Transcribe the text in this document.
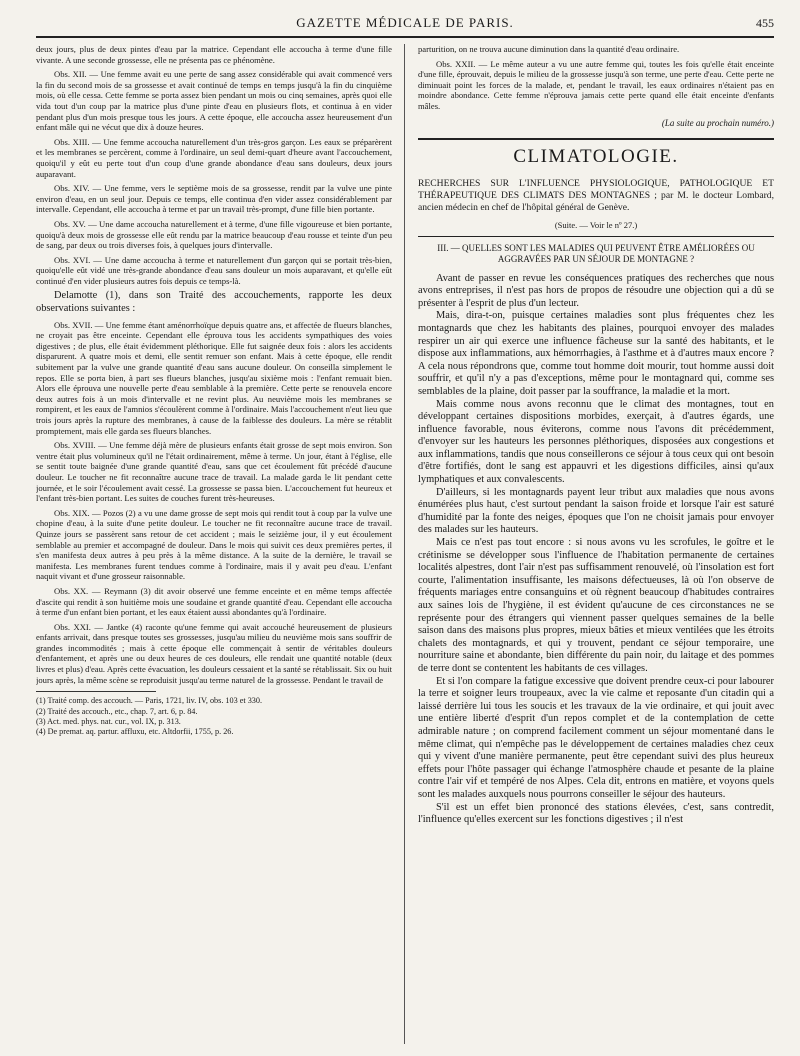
GAZETTE MÉDICALE DE PARIS.	455

deux jours, plus de deux pintes d'eau par la matrice. Cependant elle accoucha à terme d'une fille vivante. A une seconde grossesse, elle ne présenta pas ce phénomène.

Obs. XII. — Une femme avait eu une perte de sang assez considérable qui avait commencé vers la fin du second mois de sa grossesse et avait continué de temps en temps jusqu'à la fin du cinquième mois, où elle cessa. Cette femme se porta assez bien pendant un mois ou cinq semaines, après quoi elle vida tout d'un coup par la matrice plus d'une pinte d'eau en plusieurs flots, et continua à en vider pendant plus d'un mois presque tous les jours. A cette époque, elle accoucha assez heureusement d'un enfant mâle qui ne vécut que dix à douze heures.

Obs. XIII. — Une femme accoucha naturellement d'un très-gros garçon. Les eaux se préparèrent et les membranes se percèrent, comme à l'ordinaire, un seul demi-quart d'heure avant l'accouchement, quoiqu'il y eût eu perte tout d'un coup d'une grande abondance d'eau sans douleurs, deux jours auparavant.

Obs. XIV. — Une femme, vers le septième mois de sa grossesse, rendit par la vulve une pinte environ d'eau, en un seul jour. Depuis ce temps, elle continua d'en vider assez considérablement par intervalle. Cependant, elle accoucha à terme et par un travail très-prompt, d'une fille bien portante.

Obs. XV. — Une dame accoucha naturellement et à terme, d'une fille vigoureuse et bien portante, quoiqu'à deux mois de grossesse elle eût rendu par la matrice beaucoup d'eau rousse et teinte d'un peu de sang, par deux ou trois diverses fois, à quelques jours d'intervalle.

Obs. XVI. — Une dame accoucha à terme et naturellement d'un garçon qui se portait très-bien, quoiqu'elle eût vidé une très-grande abondance d'eau sans douleur un mois auparavant, et qu'elle eût continué d'en vider plusieurs autres fois depuis ce temps-là.

Delamotte (1), dans son Traité des accouchements, rapporte les deux observations suivantes :

Obs. XVII. — Une femme étant aménorrhoïque depuis quatre ans, et affectée de flueurs blanches, ne croyait pas être enceinte. Cependant elle éprouva tous les accidents sympathiques des voies digestives ; de plus, elle était évidemment pléthorique. Elle fut saignée deux fois : alors les accidents disparurent. A quatre mois et demi, elle sentit remuer son enfant. Mais à cette époque, elle rendit subitement par la vulve une grande quantité d'eau sans aucune douleur. On conseilla simplement le repos. Elle se porta bien, à part ses flueurs blanches, jusqu'au sixième mois : l'enfant remuait bien. Alors elle éprouva une nouvelle perte d'eau semblable à la première. Cette perte se renouvela encore deux autres fois à un mois d'intervalle et ne revint plus. Au neuvième mois les membranes se rompirent, et les eaux de l'amnios s'écoulèrent comme à l'ordinaire. Mais l'accouchement n'eut lieu que trois jours après la rupture des membranes, à cause de la faiblesse des douleurs. La mère se rétablit promptement, mais elle garda ses flueurs blanches.

Obs. XVIII. — Une femme déjà mère de plusieurs enfants était grosse de sept mois environ. Son ventre était plus volumineux qu'il ne l'était ordinairement, même à terme. Un jour, étant à l'église, elle se sentit toute baignée d'une grande quantité d'eau, sans que cet écoulement fût précédé d'aucune douleur. Le toucher ne fit reconnaître aucune trace de travail. La malade garda le lit pendant cette journée, et le soir l'écoulement avait cessé. La grossesse se passa bien. L'accouchement fut heureux et l'enfant très-bien portant. Les suites de couches furent très-heureuses.

Obs. XIX. — Pozos (2) a vu une dame grosse de sept mois qui rendit tout à coup par la vulve une chopine d'eau, à la suite d'une petite douleur. Le toucher ne fit reconnaître aucune trace de travail. Quinze jours se passèrent sans retour de cet accident ; mais le seizième jour, il y eut écoulement semblable au premier et accompagné de douleur. Dans le mois qui suivit ces deux premières pertes, il s'en manifesta deux autres à peu près à la même distance. A la suite de la dernière, le travail se manifesta. Les membranes furent tendues comme à l'ordinaire, mais il y avait peu d'eau. L'enfant naquit vivant et d'une grosseur raisonnable.

Obs. XX. — Reymann (3) dit avoir observé une femme enceinte et en même temps affectée d'ascite qui rendit à son huitième mois une soudaine et grande quantité d'eau. Cependant elle accoucha à terme d'un enfant bien portant, et les eaux étaient aussi abondantes qu'à l'ordinaire.

Obs. XXI. — Jantke (4) raconte qu'une femme qui avait accouché heureusement de plusieurs enfants arrivait, dans presque toutes ses grossesses, jusqu'au milieu du neuvième mois sans souffrir de grandes incommodités ; mais à cette époque elle commençait à sentir de véritables douleurs d'enfantement, et après une ou deux heures de ces douleurs, elle rendait une quantité notable (deux livres et plus) d'eau. Après cette évacuation, les douleurs cessaient et la santé se rétablissait. Six ou huit jours après, la même scène se reproduisit jusqu'au terme naturel de la grossesse. Pendant le travail de

(1) Traité comp. des accouch. — Paris, 1721, liv. IV, obs. 103 et 330.

(2) Traité des accouch., etc., chap. 7, art. 6, p. 84.

(3) Act. med. phys. nat. cur., vol. IX, p. 313.

(4) De premat. aq. partur. affluxu, etc. Altdorfii, 1755, p. 26.

parturition, on ne trouva aucune diminution dans la quantité d'eau ordinaire.

Obs. XXII. — Le même auteur a vu une autre femme qui, toutes les fois qu'elle était enceinte d'une fille, éprouvait, depuis le milieu de la grossesse jusqu'à son terme, une perte d'eau. Cette perte ne diminuait point les forces de la malade, et, pendant le travail, les eaux ordinaires n'étaient pas en moindre abondance. Cette femme n'éprouva jamais cette perte quand elle était enceinte d'enfants mâles.

(La suite au prochain numéro.)

CLIMATOLOGIE.

RECHERCHES SUR L'INFLUENCE PHYSIOLOGIQUE, PATHOLOGIQUE ET THÉRAPEUTIQUE DES CLIMATS DES MONTAGNES ; par M. le docteur Lombard, ancien médecin en chef de l'hôpital général de Genève.

(Suite. — Voir le nº 27.)
III. — QUELLES SONT LES MALADIES QUI PEUVENT ÊTRE AMÉLIORÉES OU AGGRAVÉES PAR UN SÉJOUR DE MONTAGNE ?

Avant de passer en revue les conséquences pratiques des recherches que nous avons entreprises, il n'est pas hors de propos de résoudre une objection qui a dû se présenter à l'esprit de plus d'un lecteur.

Mais, dira-t-on, puisque certaines maladies sont plus fréquentes chez les montagnards que chez les habitants des plaines, pourquoi envoyer des malades respirer un air qui exerce une influence fâcheuse sur la santé des habitants, et le dispose aux inflammations, aux hémorrhagies, à l'asthme et à d'autres maux encore ? A cela nous répondrons que, comme tout homme doit mourir, tout homme aussi doit souffrir, et qu'il n'y a pas d'exceptions, même pour le montagnard qui, comme ses semblables de la plaine, doit passer par la souffrance, la maladie et la mort.

Mais comme nous avons reconnu que le climat des montagnes, tout en développant certaines dispositions morbides, exerçait, à d'autres égards, une influence favorable, nous éviterons, comme nous l'avons dit précédemment, d'envoyer sur les hauteurs les personnes pléthoriques, disposées aux congestions et aux inflammations, tandis que nous conseillerons ce séjour à tous ceux qui ont besoin d'être fortifiés, dont le sang est appauvri et les digestions difficiles, ainsi qu'aux lymphatiques et aux convalescents.

D'ailleurs, si les montagnards payent leur tribut aux maladies que nous avons énumérées plus haut, c'est surtout pendant la saison froide et lorsque l'air est saturé d'humidité par la fonte des neiges, époques que l'on ne choisit jamais pour envoyer des malades sur les hauteurs.

Mais ce n'est pas tout encore : si nous avons vu les scrofules, le goître et le crétinisme se développer sous l'influence de l'habitation permanente de certaines localités alpestres, dont l'air n'est pas suffisamment renouvelé, où l'insolation est fort courte, l'alimentation insuffisante, les maisons défectueuses, là où l'on observe de fréquents mariages entre consanguins et où règnent beaucoup d'habitudes contraires aux saines lois de l'hygiène, il est évident qu'aucune de ces circonstances ne se représente pour des étrangers qui viennent passer quelques semaines de la belle saison dans des maisons plus propres, mieux bâties et mieux ventilées que les étroits chalets des montagnards, et qui y trouvent, pendant ce séjour temporaire, une nourriture saine et abondante, bien différente du pain noir, du laitage et des pommes de terre dont se contentent les habitants de ces villages.

Et si l'on compare la fatigue excessive que doivent prendre ceux-ci pour labourer la terre et soigner leurs troupeaux, avec la vie calme et reposante d'un citadin qui a laissé derrière lui tous les soucis et les travaux de la vie ordinaire, et qui jouit avec une entière liberté d'esprit d'un repos complet et de la contemplation de cette admirable nature ; on comprend facilement comment un séjour momentané dans le même climat, qui n'empêche pas le développement de certaines maladies chez ceux qui y vivent d'une manière permanente, peut être cependant suivi des plus heureux effets pour l'hôte passager qui échange l'atmosphère chaude et pesante de la plaine contre l'air vif et tempéré de nos Alpes. Cela dit, entrons en matière, et voyons quels sont les malades auxquels nous pourrons conseiller le séjour des hauteurs.

S'il est un effet bien prononcé des stations élevées, c'est, sans contredit, l'influence qu'elles exercent sur les fonctions digestives ; il n'est
